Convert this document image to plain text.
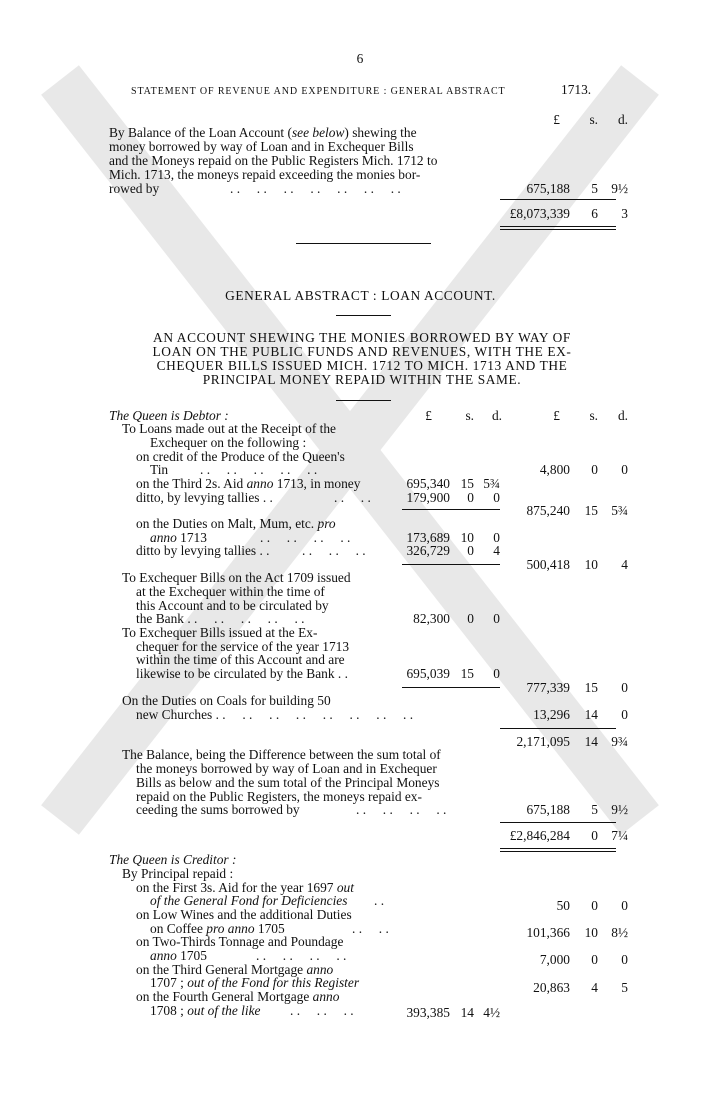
6
STATEMENT OF REVENUE AND EXPENDITURE : GENERAL ABSTRACT	1713.
£	s.	d.
By Balance of the Loan Account (see below) shewing the
money borrowed by way of Loan and in Exchequer Bills
and the Moneys repaid on the Public Registers Mich. 1712 to
Mich. 1713, the moneys repaid exceeding the monies bor-
rowed by	. .     . .     . .     . .     . .     . .     . .	675,188	5 9½
£8,073,339	6	3
GENERAL ABSTRACT : LOAN ACCOUNT.
AN ACCOUNT SHEWING THE MONIES BORROWED BY WAY OF
LOAN ON THE PUBLIC FUNDS AND REVENUES, WITH THE EX-
CHEQUER BILLS ISSUED MICH. 1712 TO MICH. 1713 AND THE
PRINCIPAL MONEY REPAID WITHIN THE SAME.
The Queen is Debtor :	£	s.	d.	£	s.	d.
To Loans made out at the Receipt of the
Exchequer on the following :
on credit of the Produce of the Queen's
Tin . .     . .     . .     . .     . .	4,800	0	0
on the Third 2s. Aid anno 1713, in money	695,340 15 5¾
ditto, by levying tallies . .	. .     . .	179,900	0	0
875,240	15 5¾
on the Duties on Malt, Mum, etc. pro
anno 1713	. .     . .     . .     . .	173,689 10	0
ditto by levying tallies . . . .     . .     . .	326,729	0	4
500,418	10	4
To Exchequer Bills on the Act 1709 issued
at the Exchequer within the time of
this Account and to be circulated by
the Bank . .     . .     . .     . .     . .	82,300	0	0
To Exchequer Bills issued at the Ex-
chequer for the service of the year 1713
within the time of this Account and are
likewise to be circulated by the Bank . .	695,039 15	0
777,339	15	0
On the Duties on Coals for building 50
new Churches . .     . .     . .     . .     . .     . .     . .     . .	13,296	14	0
2,171,095	14 9¾
The Balance, being the Difference between the sum total of
the moneys borrowed by way of Loan and in Exchequer
Bills as below and the sum total of the Principal Moneys
repaid on the Public Registers, the moneys repaid ex-
ceeding the sums borrowed by	. .     . .     . .     . .	675,188	5 9½
£2,846,284	0 7¼
The Queen is Creditor :
By Principal repaid :
on the First 3s. Aid for the year 1697 out
of the General Fond for Deficiencies . .	50	0	0
on Low Wines and the additional Duties
on Coffee pro anno 1705	. .     . .	101,366	10 8½
on Two-Thirds Tonnage and Poundage
anno 1705	. .     . .     . .     . .	7,000	0	0
on the Third General Mortgage anno
1707 ; out of the Fond for this Register	20,863	4	5
on the Fourth General Mortgage anno
1708 ; out of the like . .     . .     . .	393,385 14 4½
